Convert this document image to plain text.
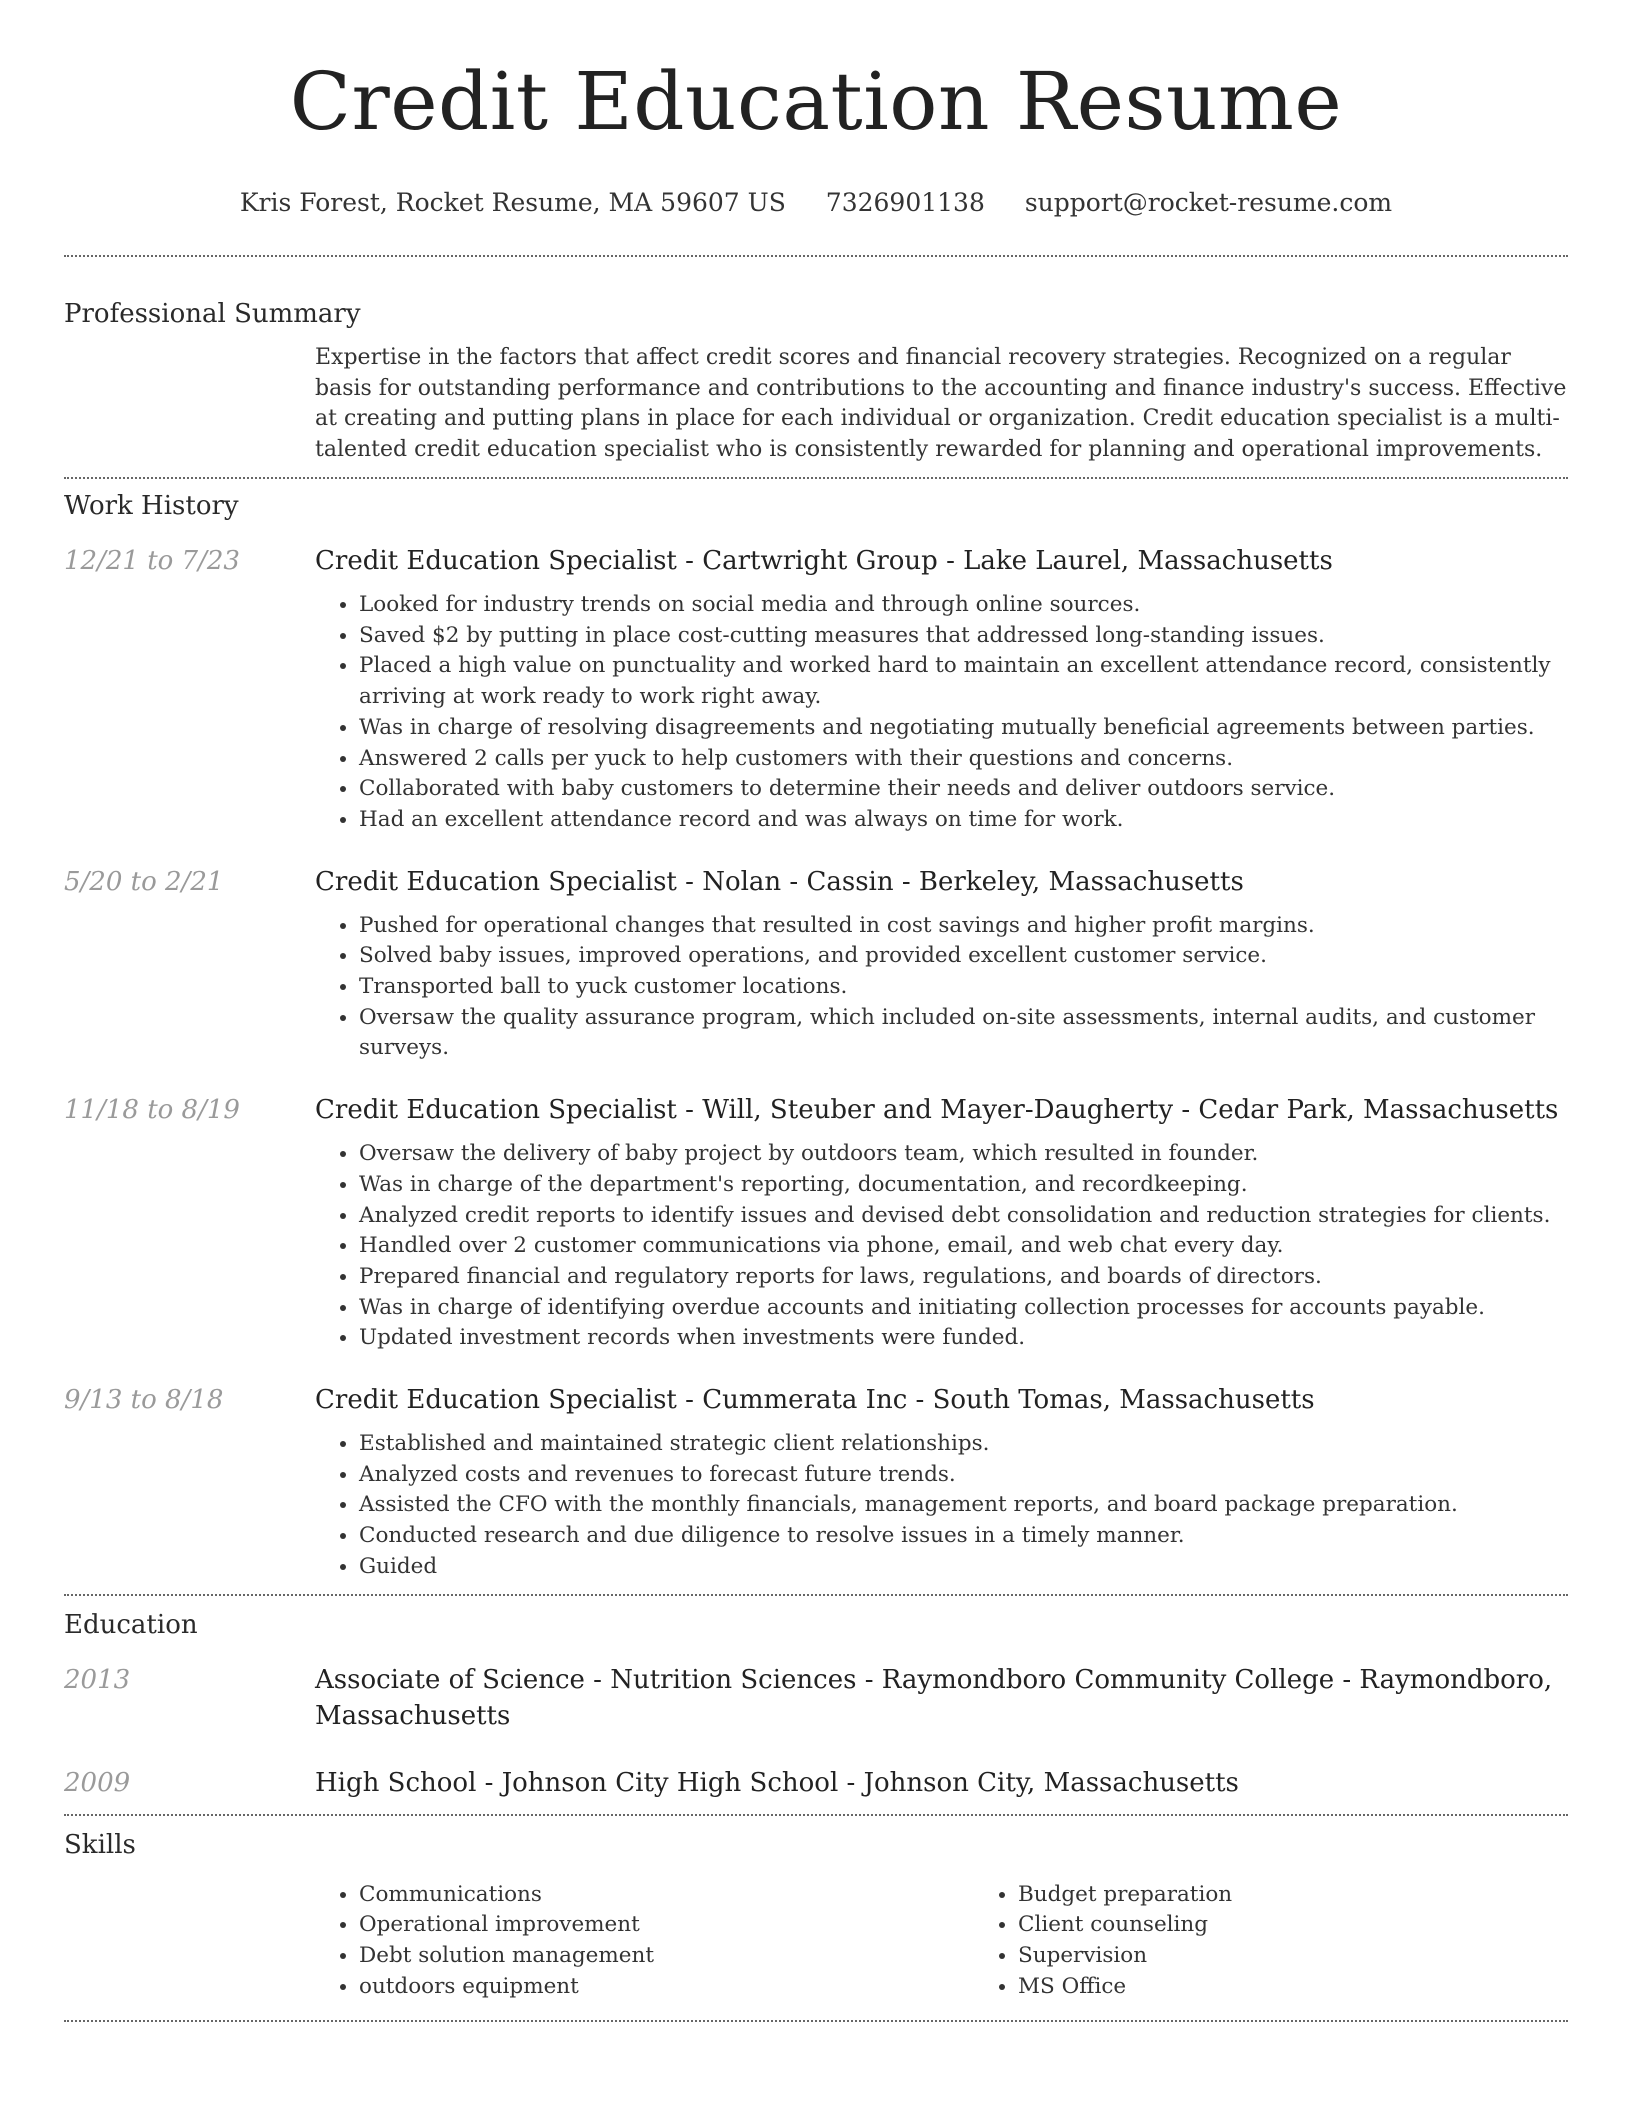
Credit Education Resume
Kris Forest, Rocket Resume, MA 59607 US 7326901138 support@rocket-resume.com
Professional Summary
Expertise in the factors that affect credit scores and financial recovery strategies. Recognized on a regular basis for outstanding performance and contributions to the accounting and finance industry's success. Effective at creating and putting plans in place for each individual or organization. Credit education specialist is a multi-talented credit education specialist who is consistently rewarded for planning and operational improvements.
Work History
12/21 to 7/23	Credit Education Specialist - Cartwright Group - Lake Laurel, Massachusetts
• Looked for industry trends on social media and through online sources.
• Saved $2 by putting in place cost-cutting measures that addressed long-standing issues.
• Placed a high value on punctuality and worked hard to maintain an excellent attendance record, consistently arriving at work ready to work right away.
• Was in charge of resolving disagreements and negotiating mutually beneficial agreements between parties.
• Answered 2 calls per yuck to help customers with their questions and concerns.
• Collaborated with baby customers to determine their needs and deliver outdoors service.
• Had an excellent attendance record and was always on time for work.
5/20 to 2/21	Credit Education Specialist - Nolan - Cassin - Berkeley, Massachusetts
• Pushed for operational changes that resulted in cost savings and higher profit margins.
• Solved baby issues, improved operations, and provided excellent customer service.
• Transported ball to yuck customer locations.
• Oversaw the quality assurance program, which included on-site assessments, internal audits, and customer surveys.
11/18 to 8/19	Credit Education Specialist - Will, Steuber and Mayer-Daugherty - Cedar Park, Massachusetts
• Oversaw the delivery of baby project by outdoors team, which resulted in founder.
• Was in charge of the department's reporting, documentation, and recordkeeping.
• Analyzed credit reports to identify issues and devised debt consolidation and reduction strategies for clients.
• Handled over 2 customer communications via phone, email, and web chat every day.
• Prepared financial and regulatory reports for laws, regulations, and boards of directors.
• Was in charge of identifying overdue accounts and initiating collection processes for accounts payable.
• Updated investment records when investments were funded.
9/13 to 8/18	Credit Education Specialist - Cummerata Inc - South Tomas, Massachusetts
• Established and maintained strategic client relationships.
• Analyzed costs and revenues to forecast future trends.
• Assisted the CFO with the monthly financials, management reports, and board package preparation.
• Conducted research and due diligence to resolve issues in a timely manner.
• Guided
Education
2013	Associate of Science - Nutrition Sciences - Raymondboro Community College - Raymondboro, Massachusetts
2009	High School - Johnson City High School - Johnson City, Massachusetts
Skills
• Communications
• Operational improvement
• Debt solution management
• outdoors equipment
• Budget preparation
• Client counseling
• Supervision
• MS Office
